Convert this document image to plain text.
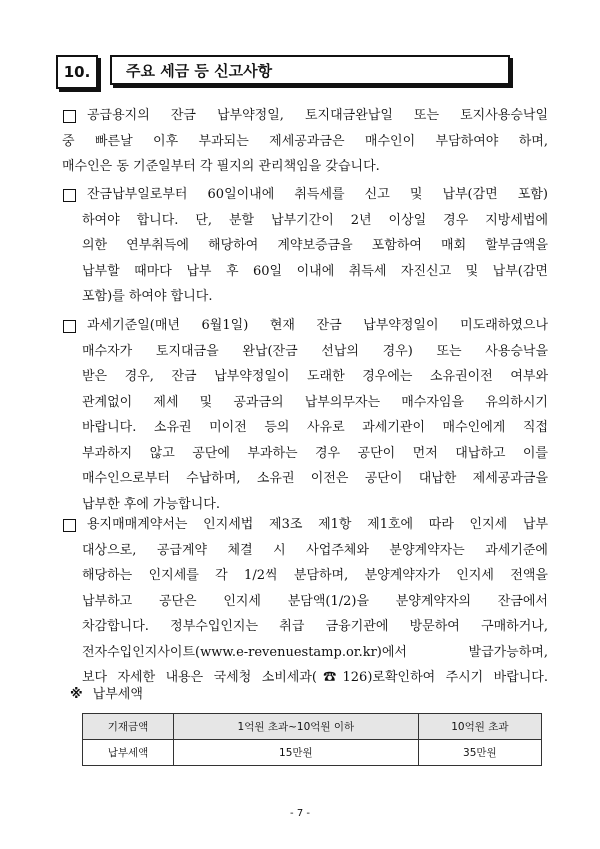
10.	주요 세금 등 신고사항
공급용지의 잔금 납부약정일, 토지대금완납일 또는 토지사용승낙일
중 빠른날 이후 부과되는 제세공과금은 매수인이 부담하여야 하며,
매수인은 동 기준일부터 각 필지의 관리책임을 갖습니다.
잔금납부일로부터 60일이내에 취득세를 신고 및 납부(감면 포함)
하여야 합니다. 단, 분할 납부기간이 2년 이상일 경우 지방세법에
의한 연부취득에 해당하여 계약보증금을 포함하여 매회 할부금액을
납부할 때마다 납부 후 60일 이내에 취득세 자진신고 및 납부(감면
포함)를 하여야 합니다.
과세기준일(매년 6월1일) 현재 잔금 납부약정일이 미도래하였으나
매수자가 토지대금을 완납(잔금 선납의 경우) 또는 사용승낙을
받은 경우, 잔금 납부약정일이 도래한 경우에는 소유권이전 여부와
관계없이 제세 및 공과금의 납부의무자는 매수자임을 유의하시기
바랍니다. 소유권 미이전 등의 사유로 과세기관이 매수인에게 직접
부과하지 않고 공단에 부과하는 경우 공단이 먼저 대납하고 이를
매수인으로부터 수납하며, 소유권 이전은 공단이 대납한 제세공과금을
납부한 후에 가능합니다.
용지매매계약서는 인지세법 제3조 제1항 제1호에 따라 인지세 납부
대상으로, 공급계약 체결 시 사업주체와 분양계약자는 과세기준에
해당하는 인지세를 각 1/2씩 분담하며, 분양계약자가 인지세 전액을
납부하고 공단은 인지세 분담액(1/2)을 분양계약자의 잔금에서
차감합니다. 정부수입인지는 취급 금융기관에 방문하여 구매하거나,
전자수입인지사이트(www.e-revenuestamp.or.kr)에서 발급가능하며,
보다 자세한 내용은 국세청 소비세과(☎126)로확인하여 주시기 바랍니다.
※ 납부세액
기재금액	1억원 초과~10억원 이하	10억원 초과
납부세액	15만원	35만원
- 7 -
